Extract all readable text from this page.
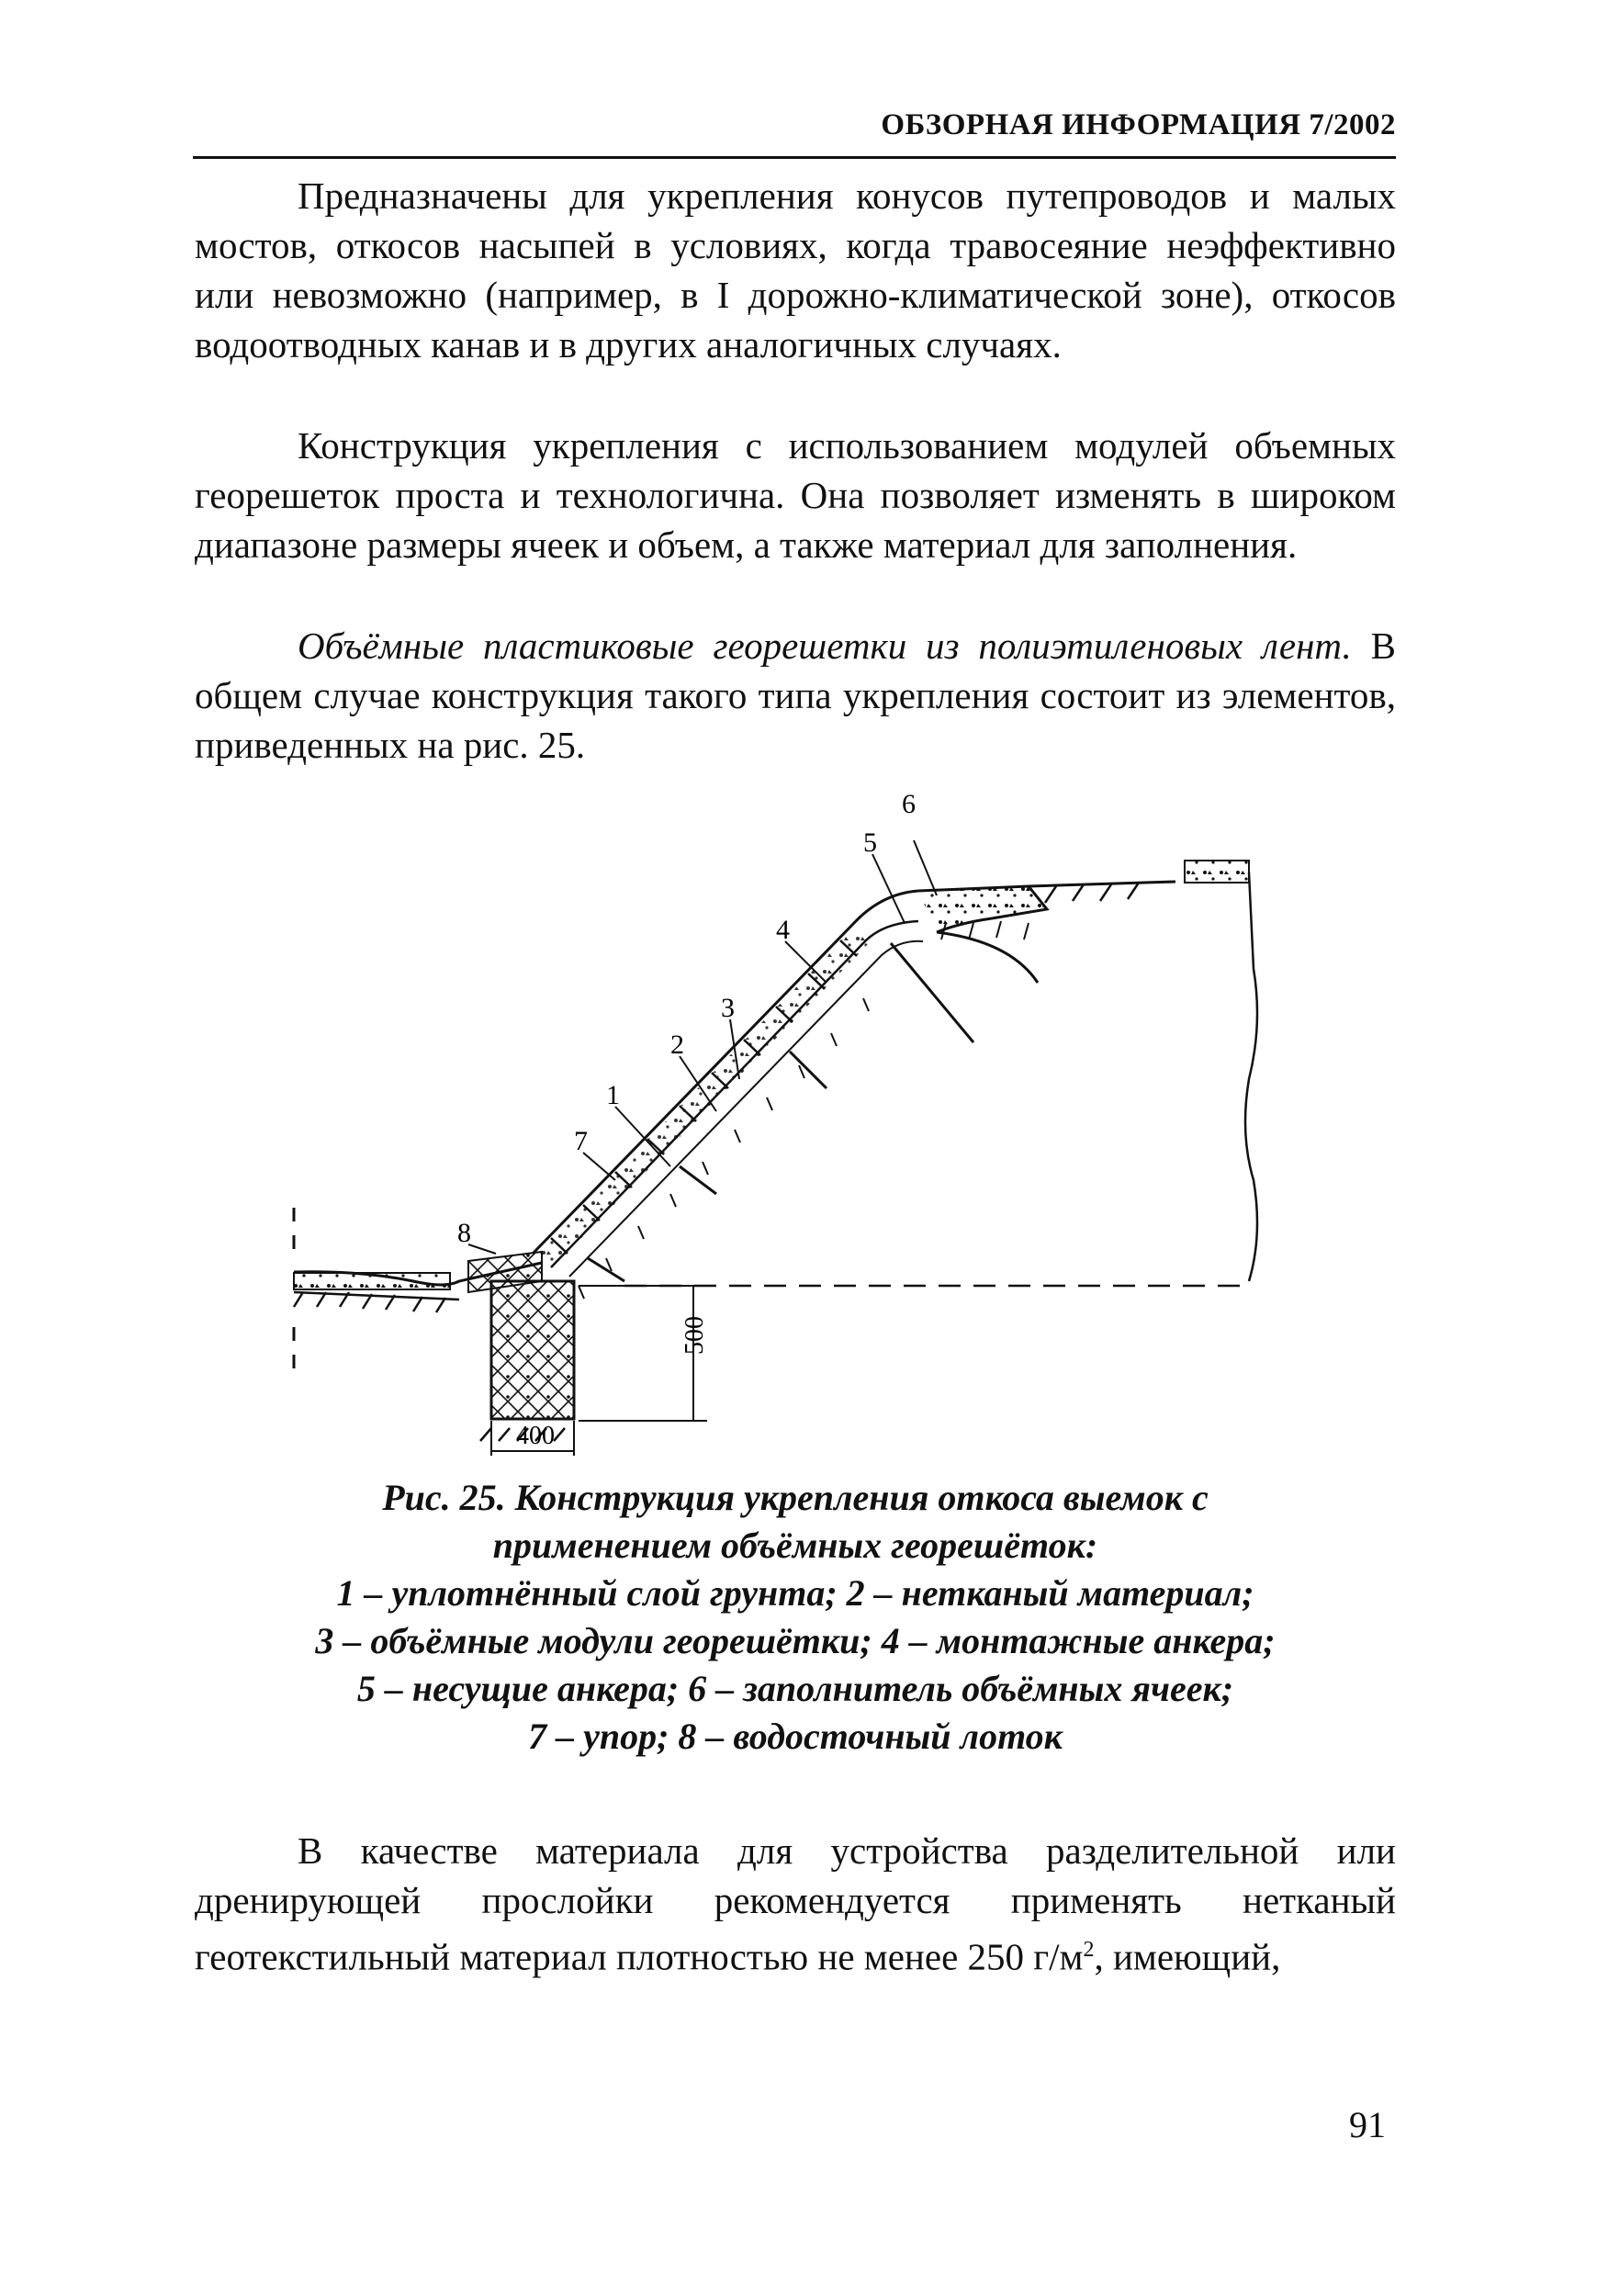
ОБЗОРНАЯ ИНФОРМАЦИЯ 7/2002
Предназначены для укрепления конусов путепроводов и малых мостов, откосов насыпей в условиях, когда травосеяние неэффективно или невозможно (например, в I дорожно-климатической зоне), откосов водоотводных канав и в других аналогичных случаях.
Конструкция укрепления с использованием модулей объемных георешеток проста и технологична. Она позволяет изменять в широком диапазоне размеры ячеек и объем, а также материал для заполнения.
Объёмные пластиковые георешетки из полиэтиленовых лент. В общем случае конструкция такого типа укрепления состоит из элементов, приведенных на рис. 25.
500
400
1
2
3
4
5
6
7
8
Рис. 25. Конструкция укрепления откоса выемок с
применением объёмных георешёток:
1 – уплотнённый слой грунта; 2 – нетканый материал;
3 – объёмные модули георешётки; 4 – монтажные анкера;
5 – несущие анкера; 6 – заполнитель объёмных ячеек;
7 – упор; 8 – водосточный лоток
В качестве материала для устройства разделительной или дренирующей прослойки рекомендуется применять нетканый геотекстильный материал плотностью не менее 250 $г/м^2$, имеющий,
91
